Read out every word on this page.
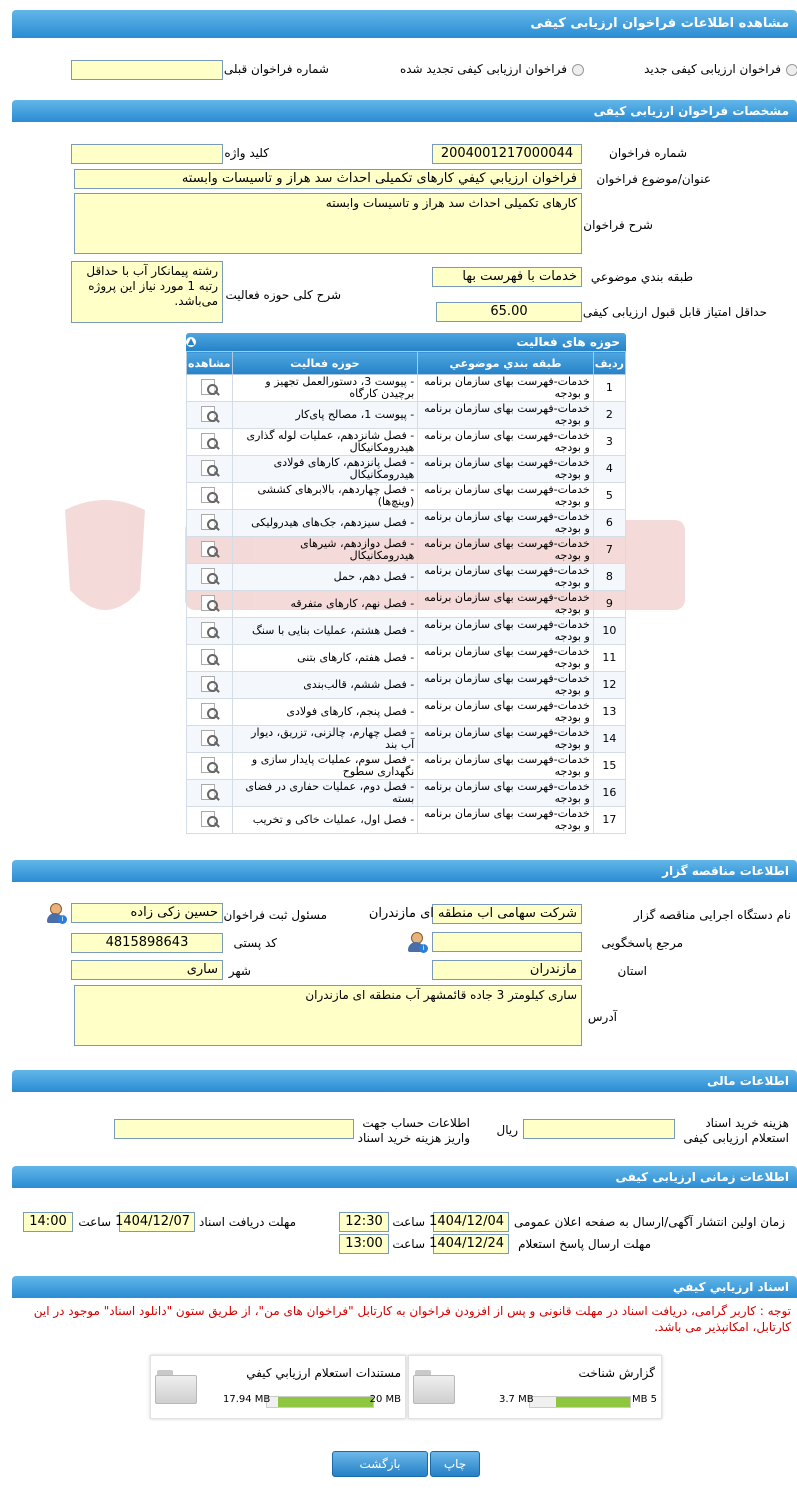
مشاهده اطلاعات فراخوان ارزیابی کیفی
فراخوان ارزیابی کیفی جدید
فراخوان ارزیابی کیفی تجدید شده
شماره فراخوان قبلی
مشخصات فراخوان ارزیابی کیفی
شماره فراخوان
2004001217000044
کلید واژه
عنوان/موضوع فراخوان
فراخوان ارزيابي كيفي كارهای تكميلی احداث سد هراز و تاسيسات وابسته
شرح فراخوان
كارهای تكميلی احداث سد هراز و تاسيسات وابسته
طبقه بندي موضوعي
خدمات با فهرست بها
شرح کلی حوزه فعالیت
رشته پیمانکار آب با حداقل رتبه 1 مورد نیاز این پروژه می‌باشد.
حداقل امتیاز قابل قبول ارزیابی کیفی
65.00
حوزه های فعالیت
▲
رديف	طبقه بندي موضوعي	حوزه فعالیت	مشاهده
1	خدمات-فهرست بهای سازمان برنامه و بودجه	- پیوست 3، دستورالعمل تجهیز و برچیدن کارگاه	

2	خدمات-فهرست بهای سازمان برنامه و بودجه	- پیوست 1، مصالح پای‌کار	

3	خدمات-فهرست بهای سازمان برنامه و بودجه	- فصل شانزدهم، عملیات لوله گذاری هیدرومکانیکال	

4	خدمات-فهرست بهای سازمان برنامه و بودجه	- فصل پانزدهم، کارهای فولادی هیدرومکانیکال	

5	خدمات-فهرست بهای سازمان برنامه و بودجه	- فصل چهاردهم، بالابرهای کششی (وینچ‌ها)	

6	خدمات-فهرست بهای سازمان برنامه و بودجه	- فصل سیزدهم، جک‌های هیدرولیکی	

7	خدمات-فهرست بهای سازمان برنامه و بودجه	- فصل دوازدهم، شیرهای هیدرومکانیکال	

8	خدمات-فهرست بهای سازمان برنامه و بودجه	- فصل دهم، حمل	

9	خدمات-فهرست بهای سازمان برنامه و بودجه	- فصل نهم، کارهای متفرقه	

10	خدمات-فهرست بهای سازمان برنامه و بودجه	- فصل هشتم، عملیات بنایی با سنگ	

11	خدمات-فهرست بهای سازمان برنامه و بودجه	- فصل هفتم، کارهای بتنی	

12	خدمات-فهرست بهای سازمان برنامه و بودجه	- فصل ششم، قالب‌بندی	

13	خدمات-فهرست بهای سازمان برنامه و بودجه	- فصل پنجم، کارهای فولادی	

14	خدمات-فهرست بهای سازمان برنامه و بودجه	- فصل چهارم، چالزنی، تزریق، دیوار آب بند	

15	خدمات-فهرست بهای سازمان برنامه و بودجه	- فصل سوم، عملیات پایدار سازی و نگهداری سطوح	

16	خدمات-فهرست بهای سازمان برنامه و بودجه	- فصل دوم، عملیات حفاری در فضای بسته	

17	خدمات-فهرست بهای سازمان برنامه و بودجه	- فصل اول، عملیات خاکی و تخریب	
اطلاعات مناقصه گزار
نام دستگاه اجرایی مناقصه گزار
شرکت سهامی اب منطقه ای مازندران
مسئول ثبت فراخوان
حسین زکی زاده
i
مرجع پاسخگویی
i
کد پستی
4815898643
استان
مازندران
شهر
ساری
آدرس
ساری کیلومتر 3 جاده قائمشهر آب منطقه ای مازندران
اطلاعات مالی
هزینه خرید اسناد استعلام ارزیابی کیفی
ریال
اطلاعات حساب جهت واریز هزینه خرید اسناد
اطلاعات زمانی ارزیابی کیفی
زمان اولین انتشار آگهی/ارسال به صفحه اعلان عمومی
1404/12/04
ساعت
12:30
مهلت دریافت اسناد
1404/12/07
ساعت
14:00
مهلت ارسال پاسخ استعلام
1404/12/24
ساعت
13:00
اسناد ارزيابي کيفي
توجه : کاربر گرامی، دریافت اسناد در مهلت قانونی و پس از افزودن فراخوان به کارتابل "فراخوان های من"، از طریق ستون "دانلود اسناد" موجود در این کارتابل، امکانپذیر می باشد.
گزارش شناخت
5 MB
3.7 MB
مستندات استعلام ارزيابي کيفي
20 MB
17.94 MB
چاپ
بازگشت
